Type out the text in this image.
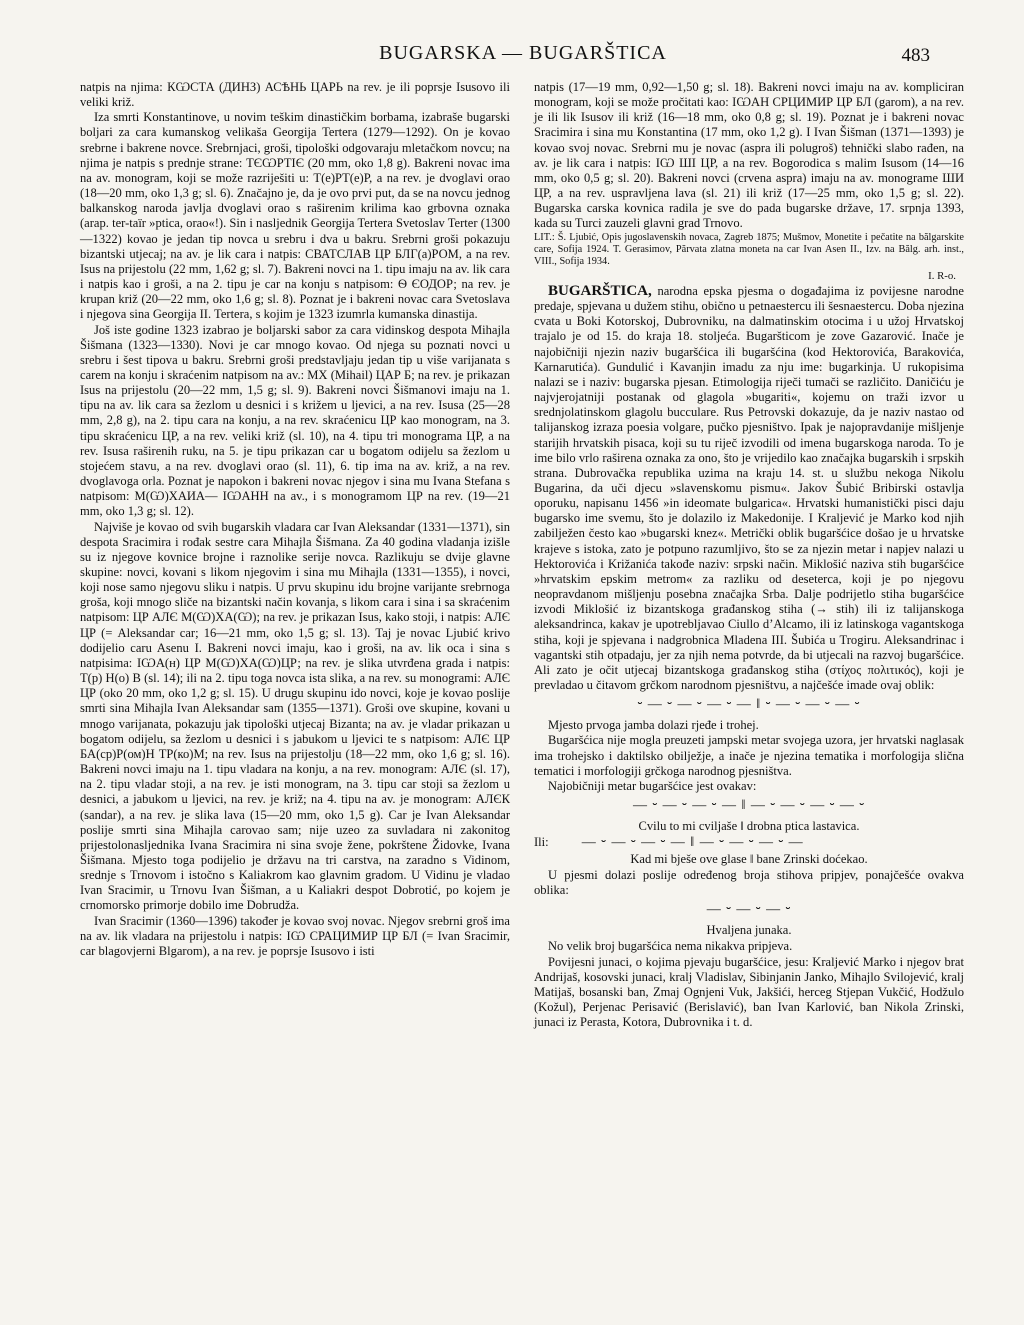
BUGARSKA — BUGARŠTICA	483

natpis na njima: КѠСТА (ДИНЗ) АСѢНЬ ЦАРЬ na rev. je ili poprsje Isusovo ili veliki križ.

Iza smrti Konstantinove, u novim teškim dinastičkim borbama, izabraše bugarski boljari za cara kumanskog velikaša Georgija Tertera (1279—1292). On je kovao srebrne i bakrene novce. Srebrnjaci, groši, tipološki odgovaraju mletačkom novcu; na njima je natpis s prednje strane: ТЄѠРТІЄ (20 mm, oko 1,8 g). Bakreni novac ima na av. monogram, koji se može razriješiti u: Т(е)РТ(е)Р, a na rev. je dvoglavi orao (18—20 mm, oko 1,3 g; sl. 6). Značajno je, da je ovo prvi put, da se na novcu jednog balkanskog naroda javlja dvoglavi orao s raširenim krilima kao grbovna oznaka (arap. ter-taïr »ptica, orao«!). Sin i nasljednik Georgija Tertera Svetoslav Terter (1300—1322) kovao je jedan tip novca u srebru i dva u bakru. Srebrni groši pokazuju bizantski utjecaj; na av. je lik cara i natpis: СВАТСЛАВ ЦР БЛГ(а)РОМ, a na rev. Isus na prijestolu (22 mm, 1,62 g; sl. 7). Bakreni novci na 1. tipu imaju na av. lik cara i natpis kao i groši, a na 2. tipu je car na konju s natpisom: Ѳ ЄОДОР; na rev. je krupan križ (20—22 mm, oko 1,6 g; sl. 8). Poznat je i bakreni novac cara Svetoslava i njegova sina Georgija II. Tertera, s kojim je 1323 izumrla kumanska dinastija.

Još iste godine 1323 izabrao je boljarski sabor za cara vidinskog despota Mihajla Šišmana (1323—1330). Novi je car mnogo kovao. Od njega su poznati novci u srebru i šest tipova u bakru. Srebrni groši predstavljaju jedan tip u više varijanata s carem na konju i skraćenim natpisom na av.: МХ (Mihail) ЦАР Б; na rev. je prikazan Isus na prijestolu (20—22 mm, 1,5 g; sl. 9). Bakreni novci Šišmanovi imaju na 1. tipu na av. lik cara sa žezlom u desnici i s križem u ljevici, a na rev. Isusa (25—28 mm, 2,8 g), na 2. tipu cara na konju, a na rev. skraćenicu ЦР kao monogram, na 3. tipu skraćenicu ЦР, a na rev. veliki križ (sl. 10), na 4. tipu tri monograma ЦР, a na rev. Isusa raširenih ruku, na 5. je tipu prikazan car u bogatom odijelu sa žezlom u stojećem stavu, a na rev. dvoglavi orao (sl. 11), 6. tip ima na av. križ, a na rev. dvoglavoga orla. Poznat je napokon i bakreni novac njegov i sina mu Ivana Stefana s natpisom: М(Ѡ)ХАИА— ІѠАНН na av., i s monogramom ЦР na rev. (19—21 mm, oko 1,3 g; sl. 12).

Najviše je kovao od svih bugarskih vladara car Ivan Aleksandar (1331—1371), sin despota Sracimira i rođak sestre cara Mihajla Šišmana. Za 40 godina vladanja izišle su iz njegove kovnice brojne i raznolike serije novca. Razlikuju se dvije glavne skupine: novci, kovani s likom njegovim i sina mu Mihajla (1331—1355), i novci, koji nose samo njegovu sliku i natpis. U prvu skupinu idu brojne varijante srebrnoga groša, koji mnogo sliče na bizantski način kovanja, s likom cara i sina i sa skraćenim natpisom: ЦР АЛЄ М(Ѡ)ХА(Ѡ); na rev. je prikazan Isus, kako stoji, i natpis: АЛЄ ЦР (= Aleksandar car; 16—21 mm, oko 1,5 g; sl. 13). Taj je novac Ljubić krivo dodijelio caru Asenu I. Bakreni novci imaju, kao i groši, na av. lik oca i sina s natpisima: ІѠА(н) ЦР М(Ѡ)ХА(Ѡ)ЦР; na rev. je slika utvrđena grada i natpis: Т(р) Н(о) В (sl. 14); ili na 2. tipu toga novca ista slika, a na rev. su monogrami: АЛЄ ЦР (oko 20 mm, oko 1,2 g; sl. 15). U drugu skupinu ido novci, koje je kovao poslije smrti sina Mihajla Ivan Aleksandar sam (1355—1371). Groši ove skupine, kovani u mnogo varijanata, pokazuju jak tipološki utjecaj Bizanta; na av. je vladar prikazan u bogatom odijelu, sa žezlom u desnici i s jabukom u ljevici te s natpisom: АЛЄ ЦР БА(ср)Р(ом)Н ТР(ко)М; na rev. Isus na prijestolju (18—22 mm, oko 1,6 g; sl. 16). Bakreni novci imaju na 1. tipu vladara na konju, a na rev. monogram: АЛЄ (sl. 17), na 2. tipu vladar stoji, a na rev. je isti monogram, na 3. tipu car stoji sa žezlom u desnici, a jabukom u ljevici, na rev. je križ; na 4. tipu na av. je monogram: АЛЄК (sandar), a na rev. je slika lava (15—20 mm, oko 1,5 g). Car je Ivan Aleksandar poslije smrti sina Mihajla carovao sam; nije uzeo za suvladara ni zakonitog prijestolonasljednika Ivana Sracimira ni sina svoje žene, pokrštene Židovke, Ivana Šišmana. Mjesto toga podijelio je državu na tri carstva, na zaradno s Vidinom, srednje s Trnovom i istočno s Kaliakrom kao glavnim gradom. U Vidinu je vladao Ivan Sracimir, u Trnovu Ivan Šišman, a u Kaliakri despot Dobrotić, po kojem je crnomorsko primorje dobilo ime Dobrudža.

Ivan Sracimir (1360—1396) također je kovao svoj novac. Njegov srebrni groš ima na av. lik vladara na prijestolu i natpis: ІѠ СРАЦИМИР ЦР БЛ (= Ivan Sracimir, car blagovjerni Blgarom), a na rev. je poprsje Isusovo i isti

natpis (17—19 mm, 0,92—1,50 g; sl. 18). Bakreni novci imaju na av. kompliciran monogram, koji se može pročitati kao: ІѠАН СРЦИМИР ЦР БЛ (garom), a na rev. je ili lik Isusov ili križ (16—18 mm, oko 0,8 g; sl. 19). Poznat je i bakreni novac Sracimira i sina mu Konstantina (17 mm, oko 1,2 g). I Ivan Šišman (1371—1393) je kovao svoj novac. Srebrni mu je novac (aspra ili polugroš) tehnički slabo rađen, na av. je lik cara i natpis: ІѠ ШІ ЦР, a na rev. Bogorodica s malim Isusom (14—16 mm, oko 0,5 g; sl. 20). Bakreni novci (crvena aspra) imaju na av. monograme ШИ ЦР, a na rev. uspravljena lava (sl. 21) ili križ (17—25 mm, oko 1,5 g; sl. 22). Bugarska carska kovnica radila je sve do pada bugarske države, 17. srpnja 1393, kada su Turci zauzeli glavni grad Trnovo.

LIT.: Š. Ljubić, Opis jugoslavenskih novaca, Zagreb 1875; Mušmov, Monetite i pečatite na bălgarskite care, Sofija 1924. T. Gerasimov, Părvata zlatna moneta na car Ivan Asen II., Izv. na Bălg. arh. inst., VIII., Sofija 1934.

I. R-o.

BUGARŠTICA, narodna epska pjesma o događajima iz povijesne narodne predaje, spjevana u dužem stihu, obično u petnaestercu ili šesnaestercu. Doba njezina cvata u Boki Kotorskoj, Dubrovniku, na dalmatinskim otocima i u užoj Hrvatskoj trajalo je od 15. do kraja 18. stoljeća. Bugaršticom je zove Gazarović. Inače je najobičniji njezin naziv bugaršćica ili bugaršćina (kod Hektorovića, Barakovića, Karnarutića). Gundulić i Kavanjin imadu za nju ime: bugarkinja. U rukopisima nalazi se i naziv: bugarska pjesan. Etimologija riječi tumači se različito. Daničiću je najvjerojatniji postanak od glagola »bugariti«, kojemu on traži izvor u srednjolatinskom glagolu bucculare. Rus Petrovski dokazuje, da je naziv nastao od talijanskog izraza poesia volgare, pučko pjesništvo. Ipak je najopravdanije mišljenje starijih hrvatskih pisaca, koji su tu riječ izvodili od imena bugarskoga naroda. To je ime bilo vrlo raširena oznaka za ono, što je vrijedilo kao značajka bugarskih i srpskih strana. Dubrovačka republika uzima na kraju 14. st. u službu nekoga Nikolu Bugarina, da uči djecu »slavenskomu pismu«. Jakov Šubić Bribirski ostavlja oporuku, napisanu 1456 »in ideomate bulgarica«. Hrvatski humanistički pisci daju bugarsko ime svemu, što je dolazilo iz Makedonije. I Kraljević je Marko kod njih zabilježen često kao »bugarski knez«. Metrički oblik bugaršćice došao je u hrvatske krajeve s istoka, zato je potpuno razumljivo, što se za njezin metar i napjev nalazi u Hektorovića i Križanića takođe naziv: srpski način. Miklošić naziva stih bugaršćice »hrvatskim epskim metrom« za razliku od deseterca, koji je po njegovu neopravdanom mišljenju posebna značajka Srba. Dalje podrijetlo stiha bugaršćice izvodi Miklošić iz bizantskoga građanskog stiha (→ stih) ili iz talijanskoga aleksandrinca, kakav je upotrebljavao Ciullo d’Alcamo, ili iz latinskoga vagantskoga stiha, koji je spjevana i nadgrobnica Mladena III. Šubića u Trogiru. Aleksandrinac i vagantski stih otpadaju, jer za njih nema potvrde, da bi utjecali na razvoj bugaršćice. Ali zato je očit utjecaj bizantskoga građanskog stiha (στίχος πολιτικός), koji je prevladao u čitavom grčkom narodnom pjesništvu, a najčešće imade ovaj oblik:

⏑ — ⏑ — ⏑ — ⏑ — ‖ ⏑ — ⏑ — ⏑ — ⏑

Mjesto prvoga jamba dolazi rjeđe i trohej.

Bugaršćica nije mogla preuzeti jampski metar svojega uzora, jer hrvatski naglasak ima trohejsko i daktilsko obilježje, a inače je njezina tematika i morfologija slična tematici i morfologiji grčkoga narodnog pjesništva.

Najobičniji metar bugaršćice jest ovakav:

— ⏑ — ⏑ — ⏑ — ‖ — ⏑ — ⏑ — ⏑ — ⏑
Cvilu to mi cviljaše ‖ drobna ptica lastavica.
Ili: — ⏑ — ⏑ — ⏑ — ‖ — ⏑ — ⏑ — ⏑ —
Kad mi bješe ove glase ‖ bane Zrinski doćekao.

U pjesmi dolazi poslije određenog broja stihova pripjev, ponajčešće ovakva oblika:

— ⏑ — ⏑ — ⏑
Hvaljena junaka.

No velik broj bugaršćica nema nikakva pripjeva.

Povijesni junaci, o kojima pjevaju bugaršćice, jesu: Kraljević Marko i njegov brat Andrijaš, kosovski junaci, kralj Vladislav, Sibinjanin Janko, Mihajlo Svilojević, kralj Matijaš, bosanski ban, Zmaj Ognjeni Vuk, Jakšići, herceg Stjepan Vukčić, Hodžulo (Kožul), Perjenac Perisavić (Berislavić), ban Ivan Karlović, ban Nikola Zrinski, junaci iz Perasta, Kotora, Dubrovnika i t. d.
